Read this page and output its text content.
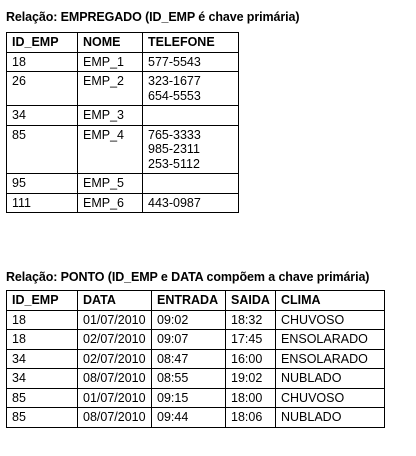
Relação: EMPREGADO (ID_EMP é chave primária)
ID_EMP	NOME	TELEFONE
18	EMP_1	577-5543

26	EMP_2	323-1677
654-5553

34	EMP_3	
85	EMP_4	765-3333
985-2311
253-5112

95	EMP_5	
111	EMP_6	443-0987
Relação: PONTO (ID_EMP e DATA compõem a chave primária)
ID_EMP	DATA	ENTRADA	SAIDA	CLIMA
18	01/07/2010	09:02	18:32	CHUVOSO
18	02/07/2010	09:07	17:45	ENSOLARADO
34	02/07/2010	08:47	16:00	ENSOLARADO
34	08/07/2010	08:55	19:02	NUBLADO
85	01/07/2010	09:15	18:00	CHUVOSO
85	08/07/2010	09:44	18:06	NUBLADO
